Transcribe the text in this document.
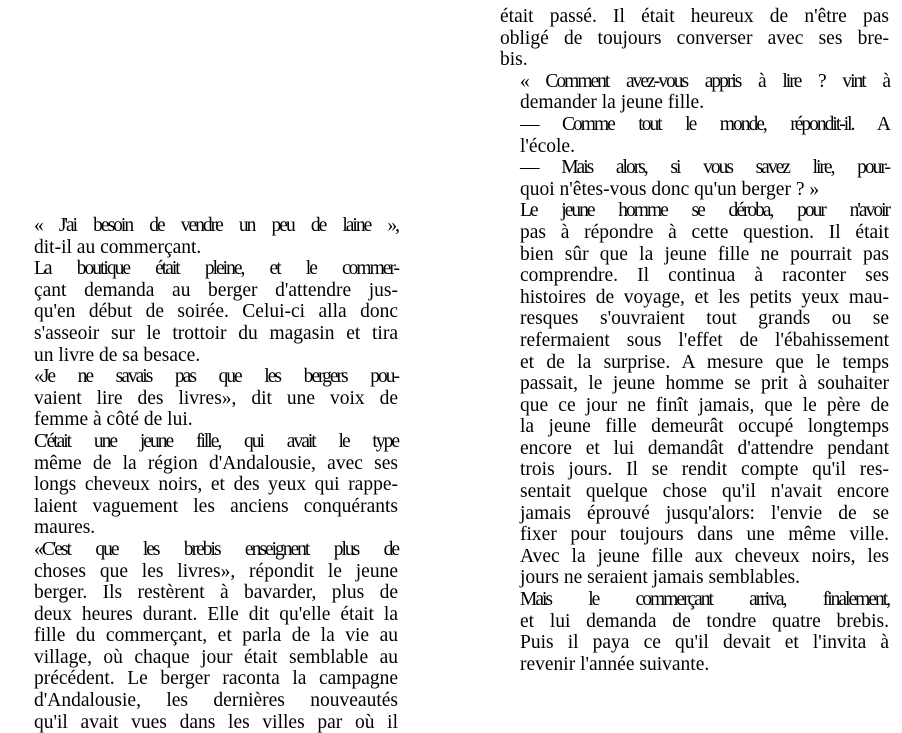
« J'ai besoin de vendre un peu de laine »,
dit-il au commerçant.

La boutique était pleine, et le commer-
çant demanda au berger d'attendre jus-
qu'en début de soirée. Celui-ci alla donc
s'asseoir sur le trottoir du magasin et tira
un livre de sa besace.

«Je ne savais pas que les bergers pou-
vaient lire des livres», dit une voix de
femme à côté de lui.

C'était une jeune fille, qui avait le type
même de la région d'Andalousie, avec ses
longs cheveux noirs, et des yeux qui rappe-
laient vaguement les anciens conquérants
maures.

«C'est que les brebis enseignent plus de
choses que les livres», répondit le jeune
berger. Ils restèrent à bavarder, plus de
deux heures durant. Elle dit qu'elle était la
fille du commerçant, et parla de la vie au
village, où chaque jour était semblable au
précédent. Le berger raconta la campagne
d'Andalousie, les dernières nouveautés
qu'il avait vues dans les villes par où il

était passé. Il était heureux de n'être pas
obligé de toujours converser avec ses bre-
bis.

« Comment avez-vous appris à lire ? vint à
demander la jeune fille.

— Comme tout le monde, répondit-il. A
l'école.

— Mais alors, si vous savez lire, pour-
quoi n'êtes-vous donc qu'un berger ? »

Le jeune homme se déroba, pour n'avoir
pas à répondre à cette question. Il était
bien sûr que la jeune fille ne pourrait pas
comprendre. Il continua à raconter ses
histoires de voyage, et les petits yeux mau-
resques s'ouvraient tout grands ou se
refermaient sous l'effet de l'ébahissement
et de la surprise. A mesure que le temps
passait, le jeune homme se prit à souhaiter
que ce jour ne finît jamais, que le père de
la jeune fille demeurât occupé longtemps
encore et lui demandât d'attendre pendant
trois jours. Il se rendit compte qu'il res-
sentait quelque chose qu'il n'avait encore
jamais éprouvé jusqu'alors: l'envie de se
fixer pour toujours dans une même ville.
Avec la jeune fille aux cheveux noirs, les
jours ne seraient jamais semblables.

Mais le commerçant arriva, finalement,
et lui demanda de tondre quatre brebis.
Puis il paya ce qu'il devait et l'invita à
revenir l'année suivante.
